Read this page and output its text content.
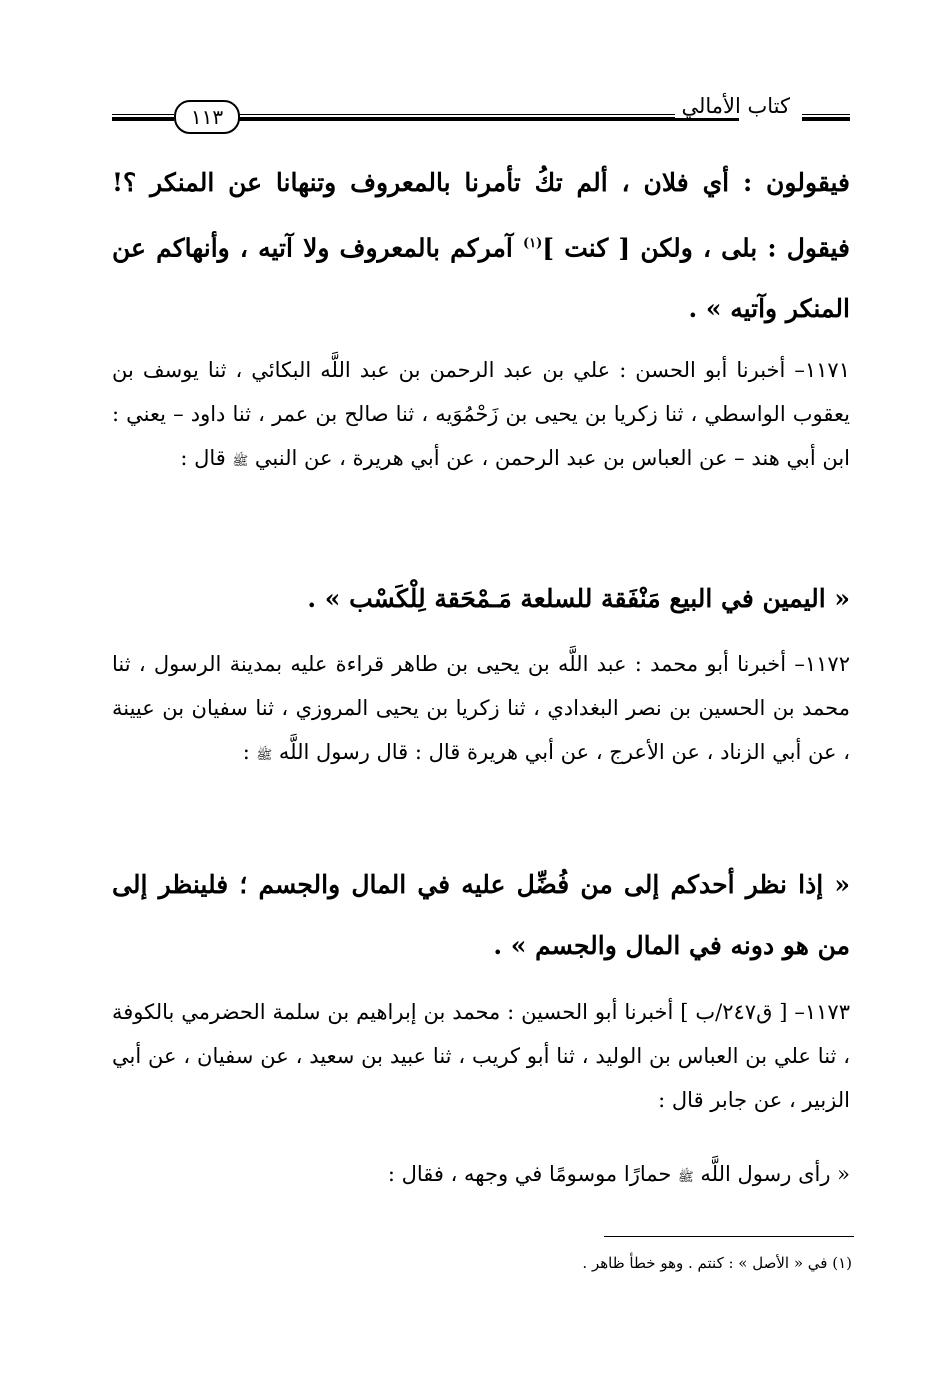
١١٣	كتاب الأمالي
فيقولون : أي فلان ، ألم تكُ تأمرنا بالمعروف وتنهانا عن المنكر ؟! فيقول : بلى ، ولكن [ كنت ]$^{(١)}$ آمركم بالمعروف ولا آتيه ، وأنهاكم عن المنكر وآتيه » .
١١٧١– أخبرنا أبو الحسن : علي بن عبد الرحمن بن عبد اللَّه البكائي ، ثنا يوسف بن يعقوب الواسطي ، ثنا زكريا بن يحيى بن زَحْمُوَيه ، ثنا صالح بن عمر ، ثنا داود – يعني : ابن أبي هند – عن العباس بن عبد الرحمن ، عن أبي هريرة ، عن النبي ﷺ قال :
« اليمين في البيع مَنْفَقة للسلعة مَـمْحَقة لِلْكَسْب » .
١١٧٢– أخبرنا أبو محمد : عبد اللَّه بن يحيى بن طاهر قراءة عليه بمدينة الرسول ، ثنا محمد بن الحسين بن نصر البغدادي ، ثنا زكريا بن يحيى المروزي ، ثنا سفيان بن عيينة ، عن أبي الزناد ، عن الأعرج ، عن أبي هريرة قال : قال رسول اللَّه ﷺ :
« إذا نظر أحدكم إلى من فُضِّل عليه في المال والجسم ؛ فلينظر إلى من هو دونه في المال والجسم » .
١١٧٣– [ ق٢٤٧/ب ] أخبرنا أبو الحسين : محمد بن إبراهيم بن سلمة الحضرمي بالكوفة ، ثنا علي بن العباس بن الوليد ، ثنا أبو كريب ، ثنا عبيد بن سعيد ، عن سفيان ، عن أبي الزبير ، عن جابر قال :
« رأى رسول اللَّه ﷺ حمارًا موسومًا في وجهه ، فقال :
(١) في « الأصل » : كنتم . وهو خطأ ظاهر .
